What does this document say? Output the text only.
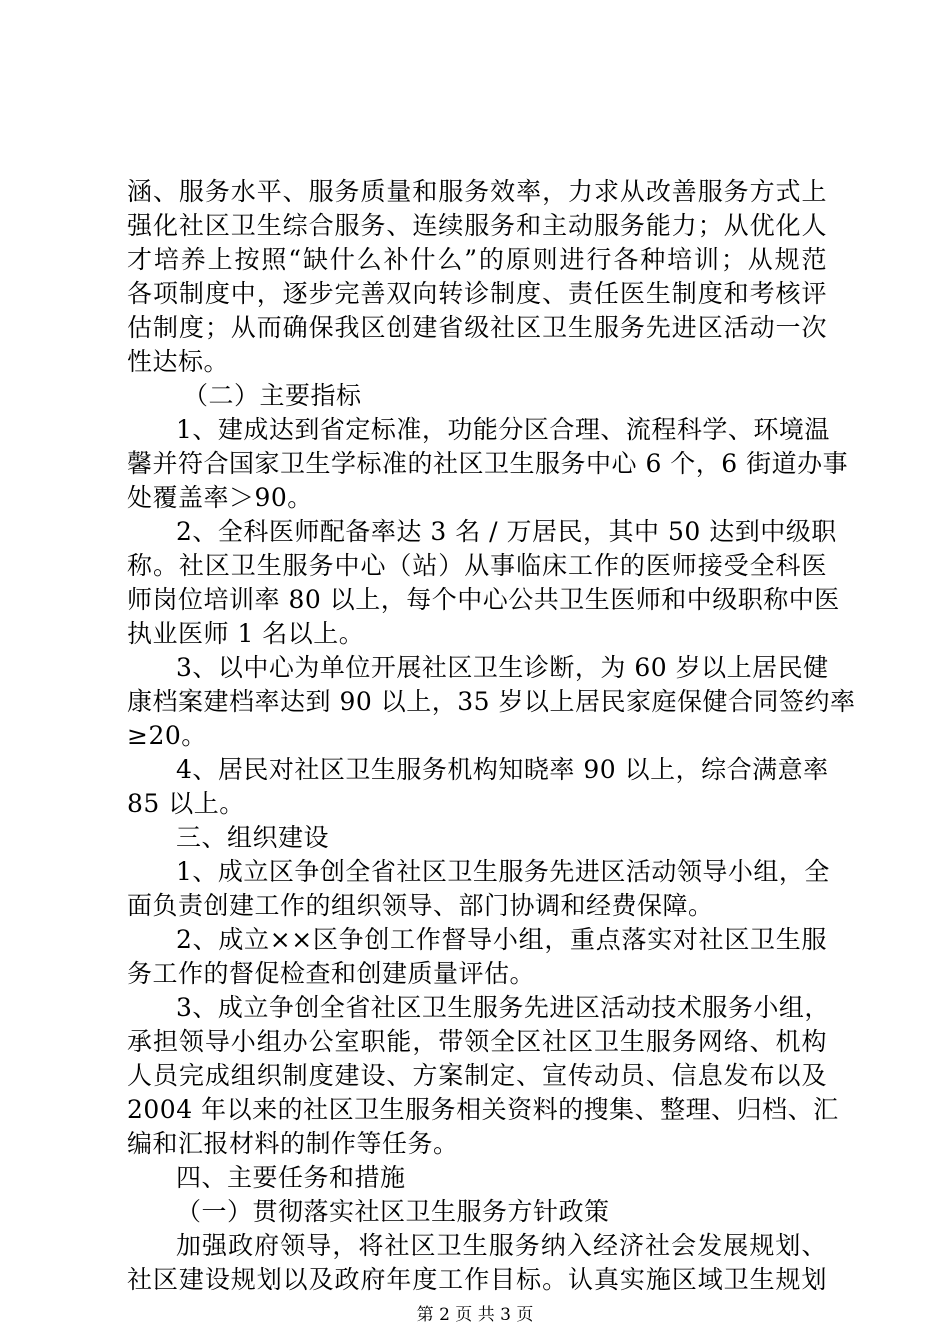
涵、服务水平、服务质量和服务效率，力求从改善服务方式上
强化社区卫生综合服务、连续服务和主动服务能力；从优化人
才培养上按照“缺什么补什么”的原则进行各种培训；从规范
各项制度中，逐步完善双向转诊制度、责任医生制度和考核评
估制度；从而确保我区创建省级社区卫生服务先进区活动一次
性达标。
（二）主要指标
1、建成达到省定标准，功能分区合理、流程科学、环境温
馨并符合国家卫生学标准的社区卫生服务中心 6 个，6 街道办事
处覆盖率＞90。
2、全科医师配备率达 3 名 / 万居民，其中 50 达到中级职
称。社区卫生服务中心（站）从事临床工作的医师接受全科医
师岗位培训率 80 以上，每个中心公共卫生医师和中级职称中医
执业医师 1 名以上。
3、以中心为单位开展社区卫生诊断，为 60 岁以上居民健
康档案建档率达到 90 以上，35 岁以上居民家庭保健合同签约率
≥20。
4、居民对社区卫生服务机构知晓率 90 以上，综合满意率
85 以上。
三、组织建设
1、成立区争创全省社区卫生服务先进区活动领导小组，全
面负责创建工作的组织领导、部门协调和经费保障。
2、成立××区争创工作督导小组，重点落实对社区卫生服
务工作的督促检查和创建质量评估。
3、成立争创全省社区卫生服务先进区活动技术服务小组，
承担领导小组办公室职能，带领全区社区卫生服务网络、机构
人员完成组织制度建设、方案制定、宣传动员、信息发布以及
2004 年以来的社区卫生服务相关资料的搜集、整理、归档、汇
编和汇报材料的制作等任务。
四、主要任务和措施
（一）贯彻落实社区卫生服务方针政策
加强政府领导，将社区卫生服务纳入经济社会发展规划、
社区建设规划以及政府年度工作目标。认真实施区域卫生规划
第 2 页 共 3 页
